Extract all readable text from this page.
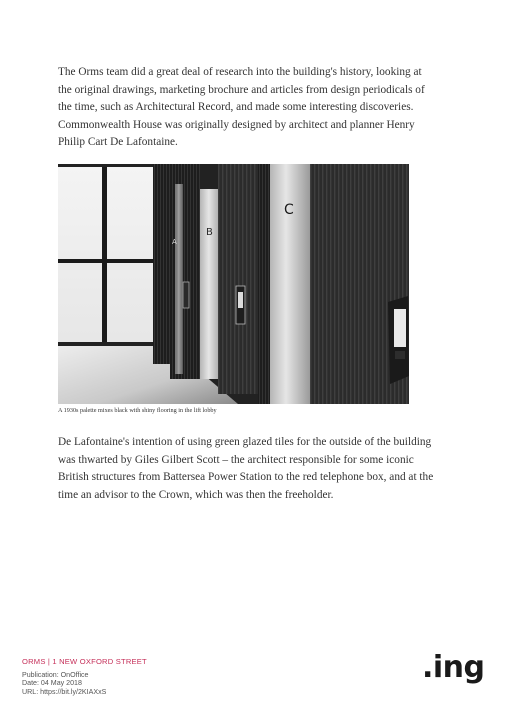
The Orms team did a great deal of research into the building's history, looking at the original drawings, marketing brochure and articles from design periodicals of the time, such as Architectural Record, and made some interesting discoveries. Commonwealth House was originally designed by architect and planner Henry Philip Cart De Lafontaine.

A
B
C
A 1930s palette mixes black with shiny flooring in the lift lobby

De Lafontaine's intention of using green glazed tiles for the outside of the building was thwarted by Giles Gilbert Scott – the architect responsible for some iconic British structures from Battersea Power Station to the red telephone box, and at the time an advisor to the Crown, which was then the freeholder.

ORMS | 1 NEW OXFORD STREET
Publication: OnOffice
Date: 04 May 2018
URL: https://bit.ly/2KIAXxS
.ing
